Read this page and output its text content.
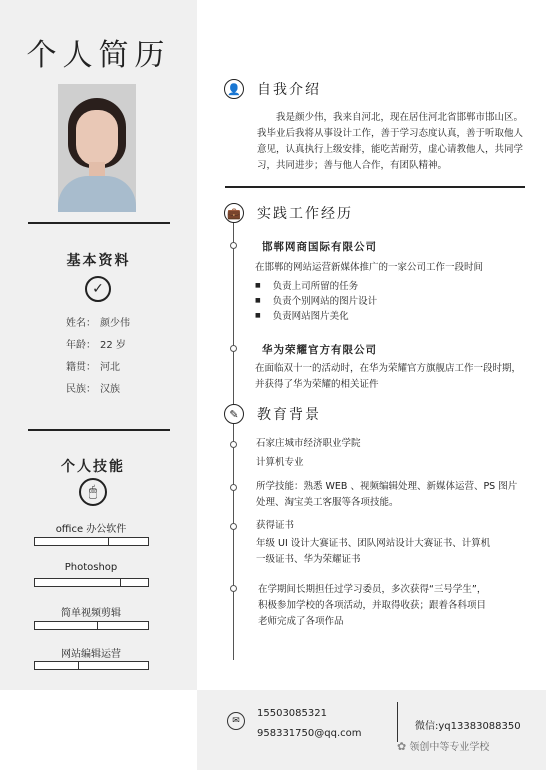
个人简历
基本资料
✓
姓名： 颜少伟
年龄： 22 岁
籍贯： 河北
民族： 汉族
个人技能
🖱
office 办公软件
Photoshop
简单视频剪辑
网站编辑运营
👤 自我介绍
我是颜少伟，我来自河北，现在居住河北省邯郸市邯山区。我毕业后我将从事设计工作，善于学习态度认真，善于听取他人意见，认真执行上级安排，能吃苦耐劳，虚心请教他人，共同学习，共同进步；善与他人合作，有团队精神。
💼 实践工作经历
邯郸网商国际有限公司
在邯郸的网站运营新媒体推广的一家公司工作一段时间
■ 负责上司所留的任务
■ 负责个别网站的图片设计
■ 负责网站图片美化
华为荣耀官方有限公司
在面临双十一的活动时，在华为荣耀官方旗舰店工作一段时期，并获得了华为荣耀的相关证件
✎	教育背景
石家庄城市经济职业学院
计算机专业
所学技能：熟悉 WEB 、视频编辑处理、新媒体运营、PS 图片处理、淘宝美工客服等各项技能。
获得证书
年级 UI 设计大赛证书、团队网站设计大赛证书、计算机一级证书、华为荣耀证书
在学期间长期担任过学习委员，多次获得“三号学生”，积极参加学校的各项活动，并取得收获；跟着各科项目老师完成了各项作品
✉
15503085321
958331750@qq.com
微信:yq13383088350
✿ 领创中等专业学校
